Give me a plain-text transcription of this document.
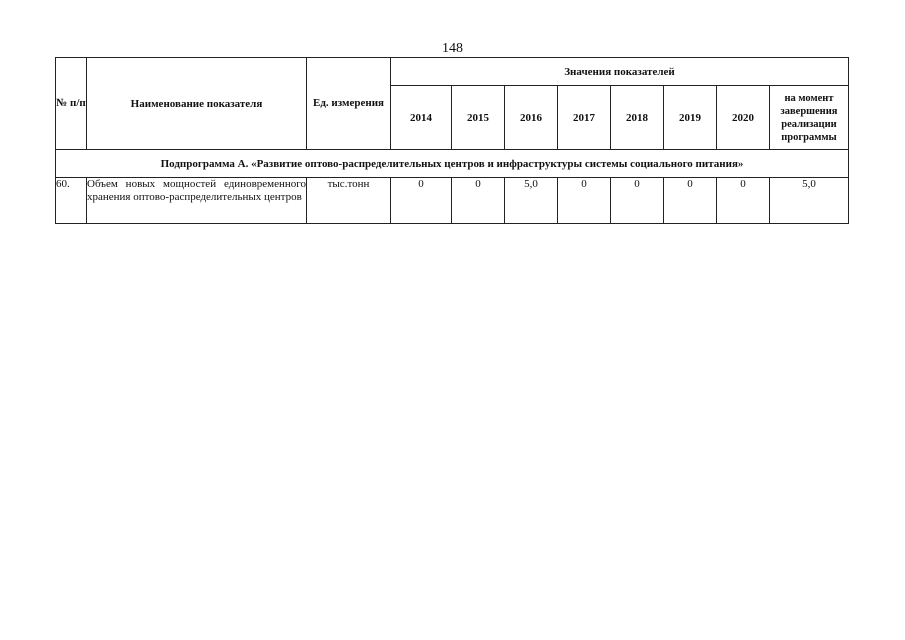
148
№ п/п	Наименование показателя	Ед. измерения	Значения показателей							
			2014	2015	2016	2017	2018	2019	2020	на момент завершения реализации программы
Подпрограмма А. «Развитие оптово-распределительных центров и инфраструктуры системы социального питания»										
60.	Объем новых мощностей единовременного хранения оптово-распределительных центров	тыс.тонн	0	0	5,0	0	0	0	0	5,0
